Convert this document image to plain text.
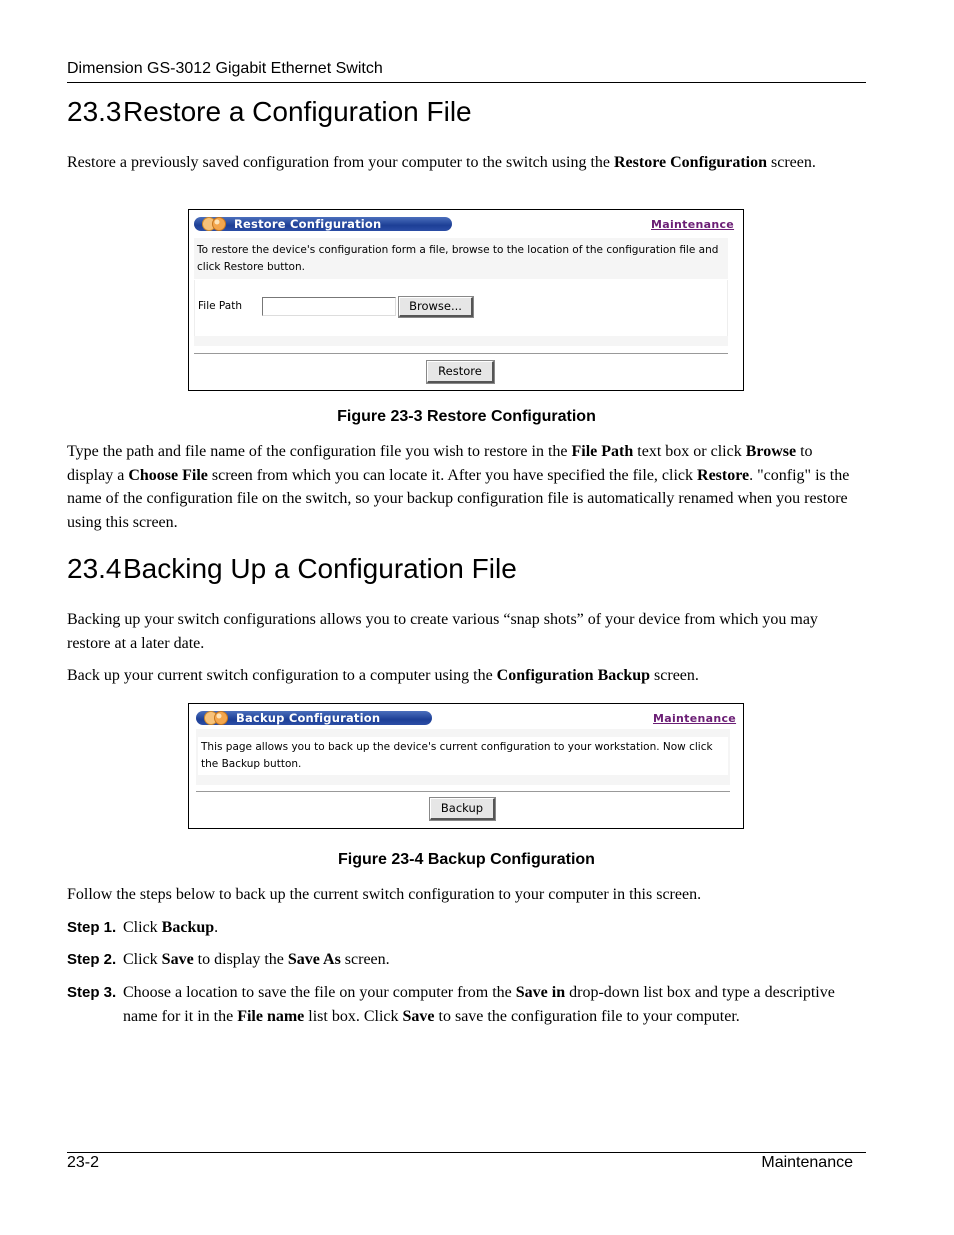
Dimension GS-3012 Gigabit Ethernet Switch
23.3Restore a Configuration File
Restore a previously saved configuration from your computer to the switch using the Restore Configuration screen.
Restore Configuration	Maintenance
To restore the device's configuration form a file, browse to the location of the configuration file and click Restore button.
File Path	Browse...
Restore
Figure 23-3 Restore Configuration
Type the path and file name of the configuration file you wish to restore in the File Path text box or click Browse to display a Choose File screen from which you can locate it. After you have specified the file, click Restore. "config" is the name of the configuration file on the switch, so your backup configuration file is automatically renamed when you restore using this screen.
23.4Backing Up a Configuration File
Backing up your switch configurations allows you to create various “snap shots” of your device from which you may restore at a later date.
Back up your current switch configuration to a computer using the Configuration Backup screen.
Backup Configuration	Maintenance
This page allows you to back up the device's current configuration to your workstation. Now click the Backup button.
Backup
Figure 23-4 Backup Configuration
Follow the steps below to back up the current switch configuration to your computer in this screen.
Step 1. Click Backup.
Step 2. Click Save to display the Save As screen.
Step 3. Choose a location to save the file on your computer from the Save in drop-down list box and type a descriptive name for it in the File name list box. Click Save to save the configuration file to your computer.
23-2	Maintenance
